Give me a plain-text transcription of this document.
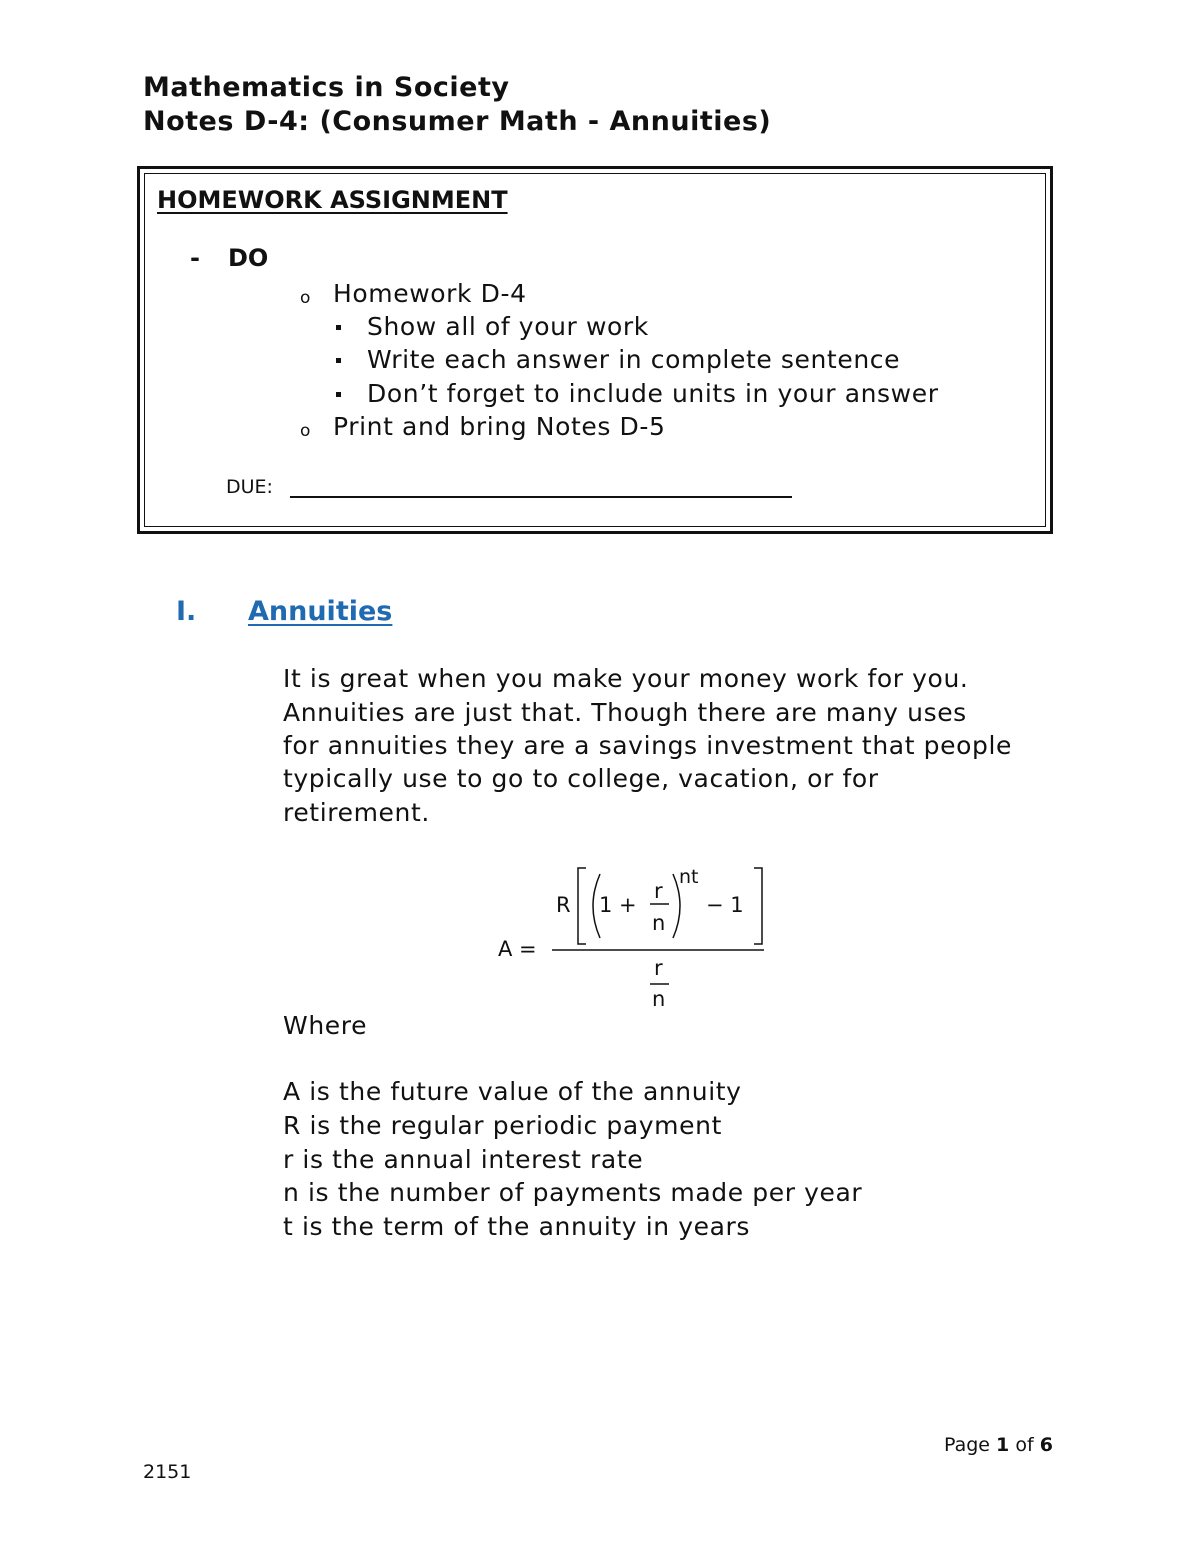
Mathematics in Society
Notes D-4: (Consumer Math - Annuities)
HOMEWORK ASSIGNMENT
- DO
o Homework D-4
Show all of your work
Write each answer in complete sentence
Don’t forget to include units in your answer
o Print and bring Notes D-5
DUE:
I. Annuities
It is great when you make your money work for you.
Annuities are just that. Though there are many uses
for annuities they are a savings investment that people
typically use to go to college, vacation, or for
retirement.
A =
R 1 +
r
n
nt
− 1
r
n
Where
A is the future value of the annuity
R is the regular periodic payment
r is the annual interest rate
n is the number of payments made per year
t is the term of the annuity in years
Page 1 of 6
2151
